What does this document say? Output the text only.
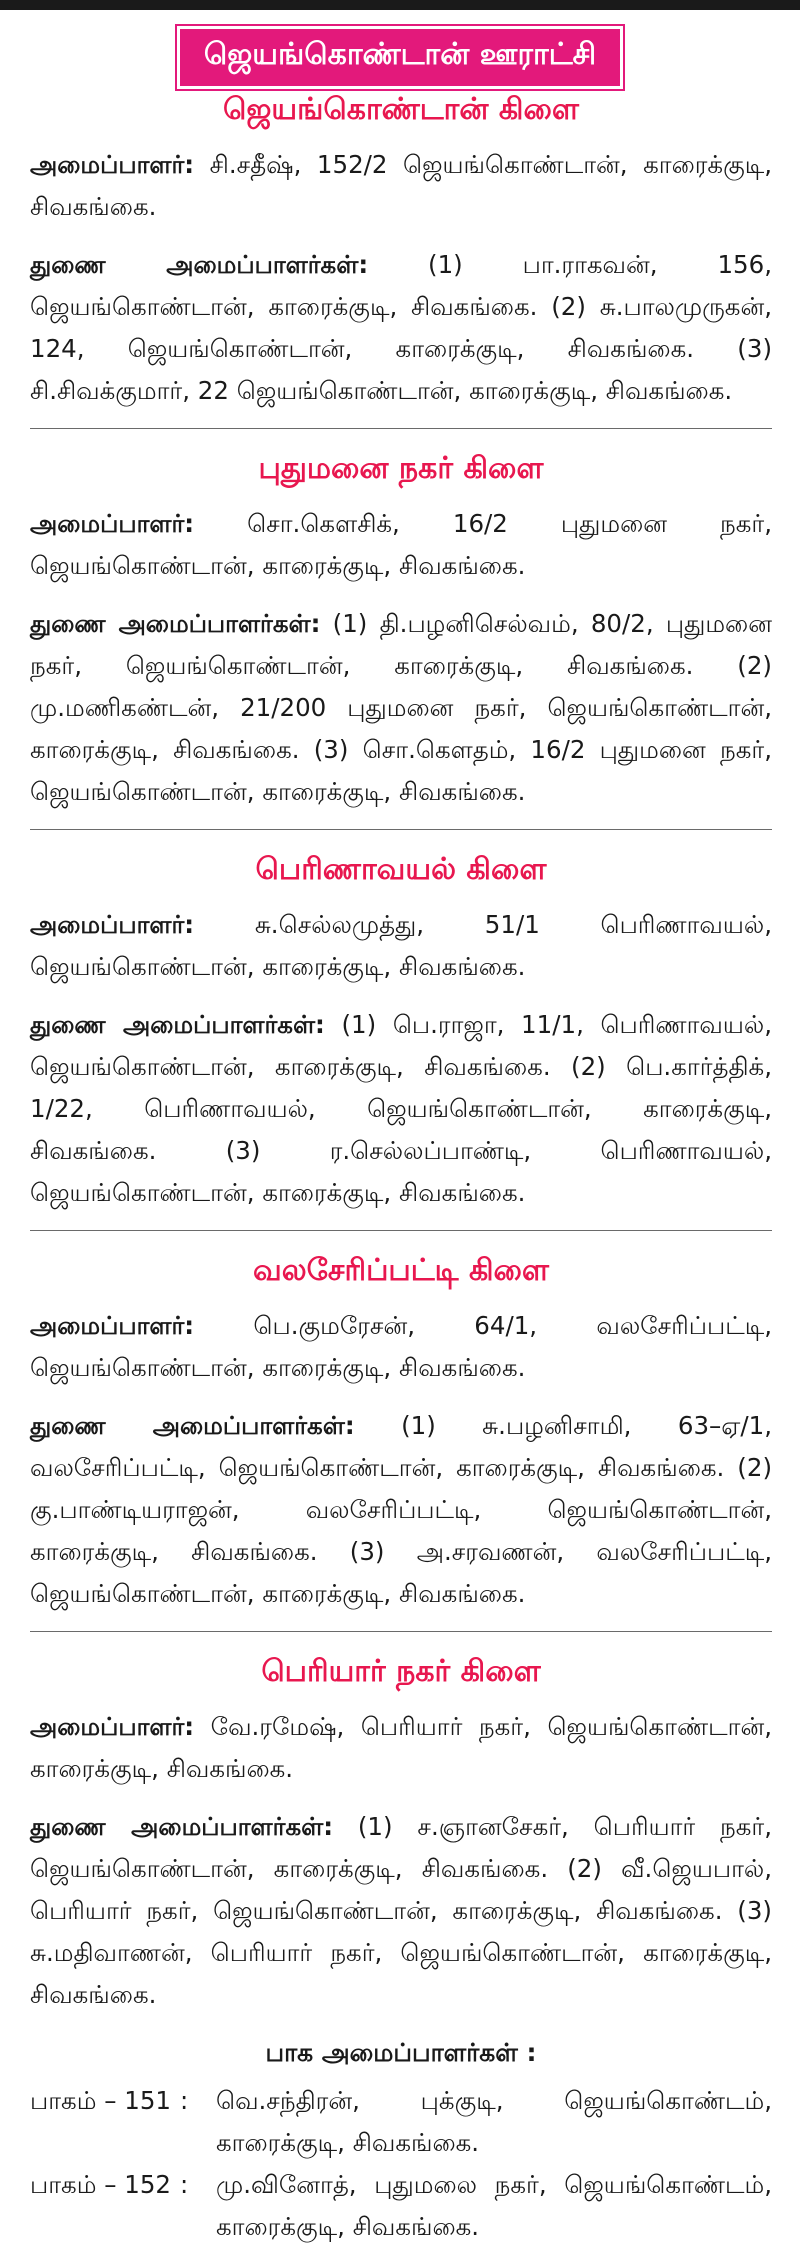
ஜெயங்கொண்டான் ஊராட்சி
ஜெயங்கொண்டான் கிளை

அமைப்பாளர்: சி.சதீஷ், 152/2 ஜெயங்கொண்டான், காரைக்குடி, சிவகங்கை.

துணை அமைப்பாளர்கள்: (1) பா.ராகவன், 156, ஜெயங்கொண்டான், காரைக்குடி, சிவகங்கை. (2) சு.பாலமுருகன், 124, ஜெயங்கொண்டான், காரைக்குடி, சிவகங்கை. (3) சி.சிவக்குமார், 22 ஜெயங்கொண்டான், காரைக்குடி, சிவகங்கை.

புதுமனை நகர் கிளை

அமைப்பாளர்: சொ.கௌசிக், 16/2 புதுமனை நகர், ஜெயங்கொண்டான், காரைக்குடி, சிவகங்கை.

துணை அமைப்பாளர்கள்: (1) தி.பழனிசெல்வம், 80/2, புதுமனை நகர், ஜெயங்கொண்டான், காரைக்குடி, சிவகங்கை. (2) மு.மணிகண்டன், 21/200 புதுமனை நகர், ஜெயங்கொண்டான், காரைக்குடி, சிவகங்கை. (3) சொ.கௌதம், 16/2 புதுமனை நகர், ஜெயங்கொண்டான், காரைக்குடி, சிவகங்கை.

பெரிணாவயல் கிளை

அமைப்பாளர்: சு.செல்லமுத்து, 51/1 பெரிணாவயல், ஜெயங்கொண்டான், காரைக்குடி, சிவகங்கை.

துணை அமைப்பாளர்கள்: (1) பெ.ராஜா, 11/1, பெரிணாவயல், ஜெயங்கொண்டான், காரைக்குடி, சிவகங்கை. (2) பெ.கார்த்திக், 1/22, பெரிணாவயல், ஜெயங்கொண்டான், காரைக்குடி, சிவகங்கை. (3) ர.செல்லப்பாண்டி, பெரிணாவயல், ஜெயங்கொண்டான், காரைக்குடி, சிவகங்கை.

வலசேரிப்பட்டி கிளை

அமைப்பாளர்: பெ.குமரேசன், 64/1, வலசேரிப்பட்டி, ஜெயங்கொண்டான், காரைக்குடி, சிவகங்கை.

துணை அமைப்பாளர்கள்: (1) சு.பழனிசாமி, 63–ஏ/1, வலசேரிப்பட்டி, ஜெயங்கொண்டான், காரைக்குடி, சிவகங்கை. (2) கு.பாண்டியராஜன், வலசேரிப்பட்டி, ஜெயங்கொண்டான், காரைக்குடி, சிவகங்கை. (3) அ.சரவணன், வலசேரிப்பட்டி, ஜெயங்கொண்டான், காரைக்குடி, சிவகங்கை.

பெரியார் நகர் கிளை

அமைப்பாளர்: வே.ரமேஷ், பெரியார் நகர், ஜெயங்கொண்டான், காரைக்குடி, சிவகங்கை.

துணை அமைப்பாளர்கள்: (1) ச.ஞானசேகர், பெரியார் நகர், ஜெயங்கொண்டான், காரைக்குடி, சிவகங்கை. (2) வீ.ஜெயபால், பெரியார் நகர், ஜெயங்கொண்டான், காரைக்குடி, சிவகங்கை. (3) சு.மதிவாணன், பெரியார் நகர், ஜெயங்கொண்டான், காரைக்குடி, சிவகங்கை.

பாக அமைப்பாளர்கள் :
பாகம் – 151 :	வெ.சந்திரன், புக்குடி, ஜெயங்கொண்டம், காரைக்குடி, சிவகங்கை.
பாகம் – 152 :	மு.வினோத், புதுமலை நகர், ஜெயங்கொண்டம், காரைக்குடி, சிவகங்கை.
